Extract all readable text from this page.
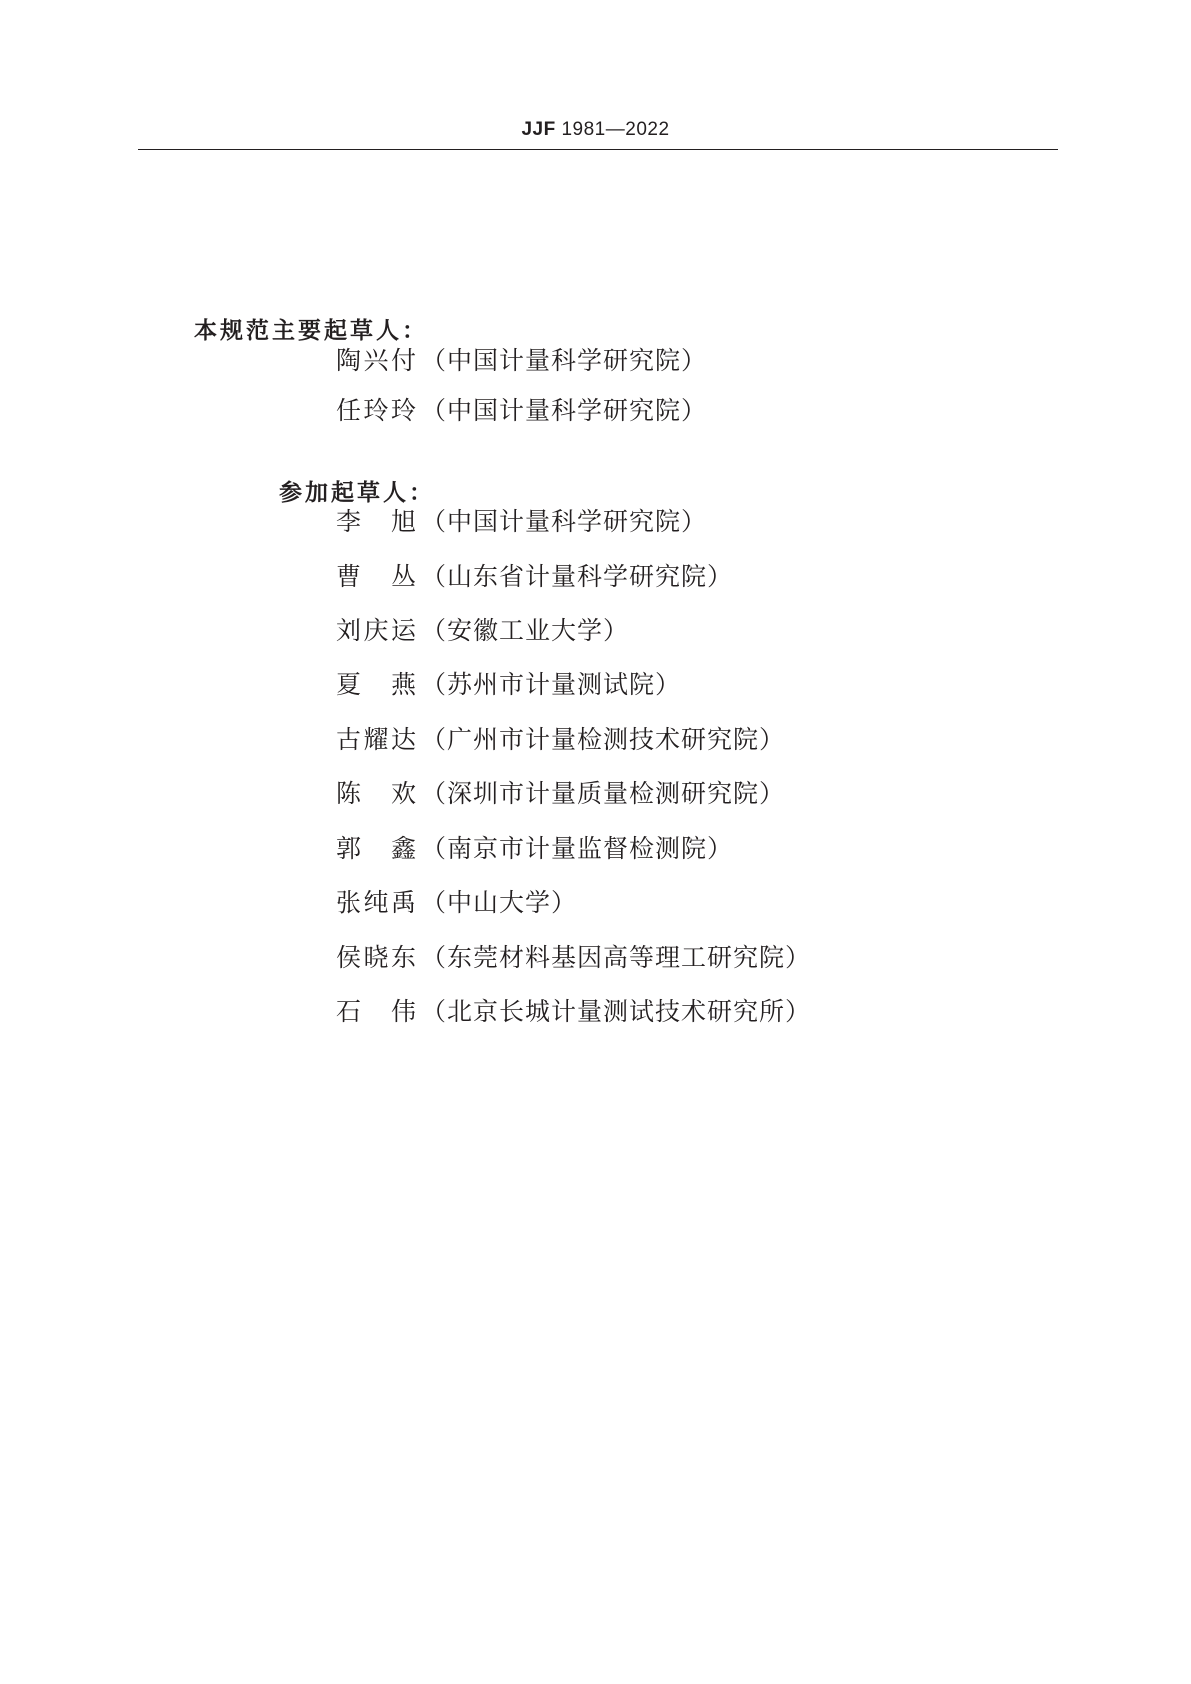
JJF 1981—2022
本规范主要起草人：
陶兴付 （中国计量科学研究院）
任玲玲 （中国计量科学研究院）
参加起草人：
李　旭 （中国计量科学研究院）
曹　丛 （山东省计量科学研究院）
刘庆运 （安徽工业大学）
夏　燕 （苏州市计量测试院）
古耀达 （广州市计量检测技术研究院）
陈　欢 （深圳市计量质量检测研究院）
郭　鑫 （南京市计量监督检测院）
张纯禹 （中山大学）
侯晓东 （东莞材料基因高等理工研究院）
石　伟 （北京长城计量测试技术研究所）
